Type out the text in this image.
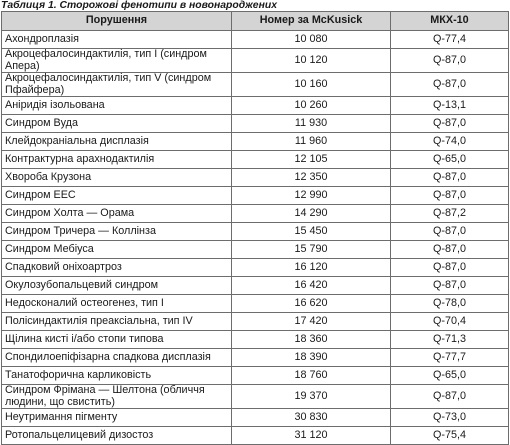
Таблиця 1. Сторожові фенотипи в новонароджених
Порушення	Номер за McKusick	МКХ-10
Ахондроплазія	10 080	Q-77,4
Акроцефалосиндактилія, тип I (синдром Апера)	10 120	Q-87,0
Акроцефалосиндактилія, тип V (синдром Пфайфера)	10 160	Q-87,0
Аніридія ізольована	10 260	Q-13,1
Синдром Вуда	11 930	Q-87,0
Клейдокраніальна дисплазія	11 960	Q-74,0
Контрактурна арахнодактилія	12 105	Q-65,0
Хвороба Крузона	12 350	Q-87,0
Синдром ЕЕС	12 990	Q-87,0
Синдром Холта — Орама	14 290	Q-87,2
Синдром Тричера — Коллінза	15 450	Q-87,0
Синдром Мебіуса	15 790	Q-87,0
Спадковий оніхоартроз	16 120	Q-87,0
Окулозубопальцевий синдром	16 420	Q-87,0
Недосконалий остеогенез, тип I	16 620	Q-78,0
Полісиндактилія преаксіальна, тип IV	17 420	Q-70,4
Щілина кисті і/або стопи типова	18 360	Q-71,3
Спондилоепіфізарна спадкова дисплазія	18 390	Q-77,7
Танатофорична карликовість	18 760	Q-65,0
Синдром Фрімана — Шелтона (обличчя людини, що свистить)	19 370	Q-87,0
Неутримання пігменту	30 830	Q-73,0
Ротопальцелицевий дизостоз	31 120	Q-75,4
